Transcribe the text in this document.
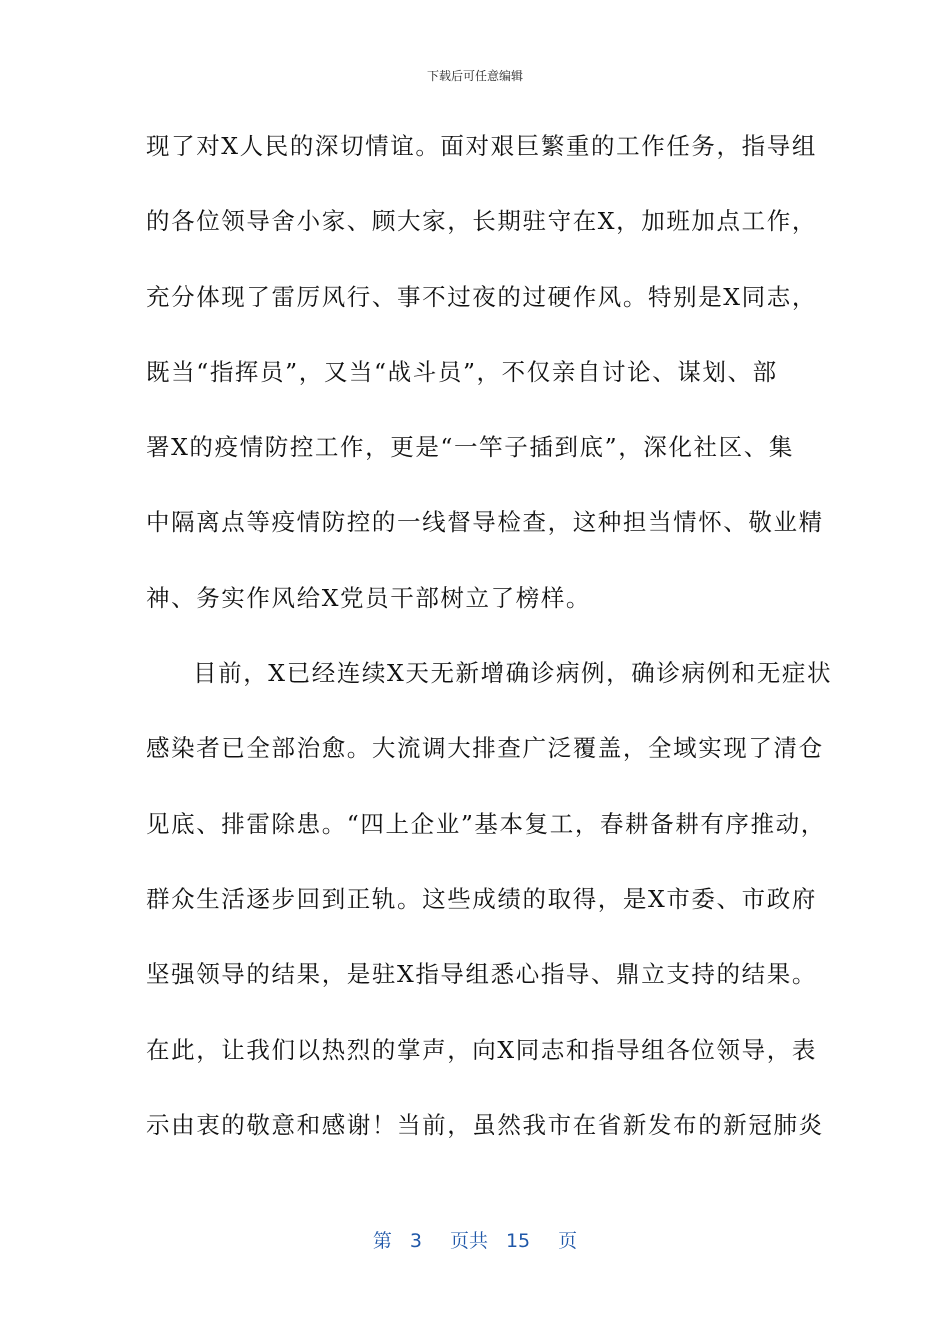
下载后可任意编辑
现了对X人民的深切情谊。面对艰巨繁重的工作任务，指导组
的各位领导舍小家、顾大家，长期驻守在X，加班加点工作，
充分体现了雷厉风行、事不过夜的过硬作风。特别是X同志，
既当“指挥员”，又当“战斗员”，不仅亲自讨论、谋划、部
署X的疫情防控工作，更是“一竿子插到底”，深化社区、集
中隔离点等疫情防控的一线督导检查，这种担当情怀、敬业精
神、务实作风给X党员干部树立了榜样。
目前，X已经连续X天无新增确诊病例，确诊病例和无症状
感染者已全部治愈。大流调大排查广泛覆盖，全域实现了清仓
见底、排雷除患。“四上企业”基本复工，春耕备耕有序推动，
群众生活逐步回到正轨。这些成绩的取得，是X市委、市政府
坚强领导的结果，是驻X指导组悉心指导、鼎立支持的结果。
在此，让我们以热烈的掌声，向X同志和指导组各位领导，表
示由衷的敬意和感谢！当前，虽然我市在省新发布的新冠肺炎
第 3 页共 15 页
